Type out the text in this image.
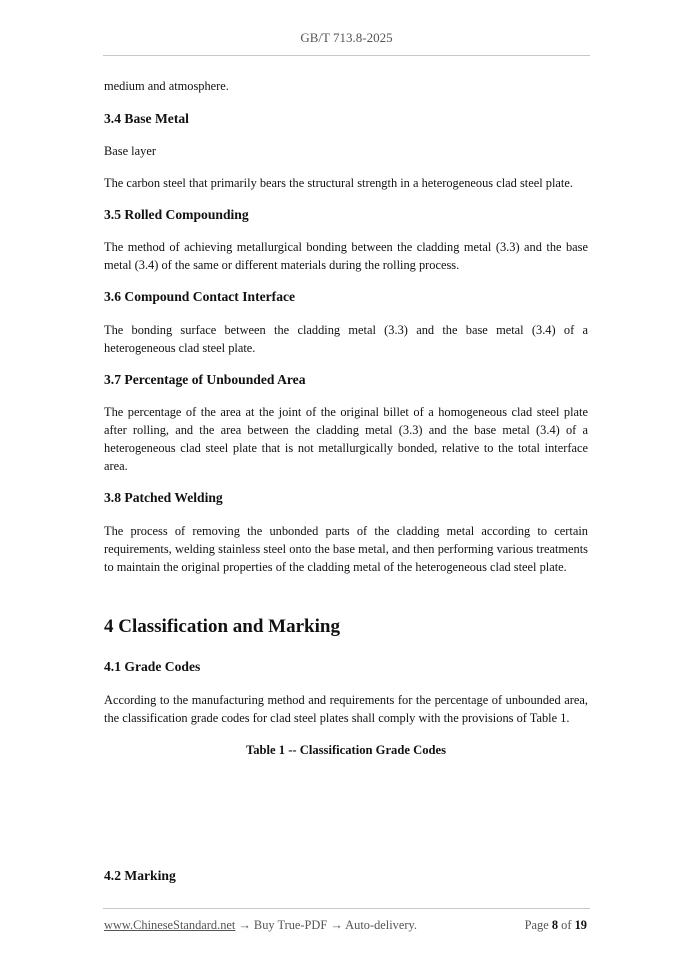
GB/T 713.8-2025

medium and atmosphere.

3.4 Base Metal

Base layer

The carbon steel that primarily bears the structural strength in a heterogeneous clad steel plate.

3.5 Rolled Compounding

The method of achieving metallurgical bonding between the cladding metal (3.3) and the base metal (3.4) of the same or different materials during the rolling process.

3.6 Compound Contact Interface

The bonding surface between the cladding metal (3.3) and the base metal (3.4) of a heterogeneous clad steel plate.

3.7 Percentage of Unbounded Area

The percentage of the area at the joint of the original billet of a homogeneous clad steel plate after rolling, and the area between the cladding metal (3.3) and the base metal (3.4) of a heterogeneous clad steel plate that is not metallurgically bonded, relative to the total interface area.

3.8 Patched Welding

The process of removing the unbonded parts of the cladding metal according to certain requirements, welding stainless steel onto the base metal, and then performing various treatments to maintain the original properties of the cladding metal of the heterogeneous clad steel plate.

4 Classification and Marking
4.1 Grade Codes

According to the manufacturing method and requirements for the percentage of unbounded area, the classification grade codes for clad steel plates shall comply with the provisions of Table 1.

Table 1 -- Classification Grade Codes

4.2 Marking
www.ChineseStandard.net → Buy True-PDF → Auto-delivery.	Page 8 of 19
